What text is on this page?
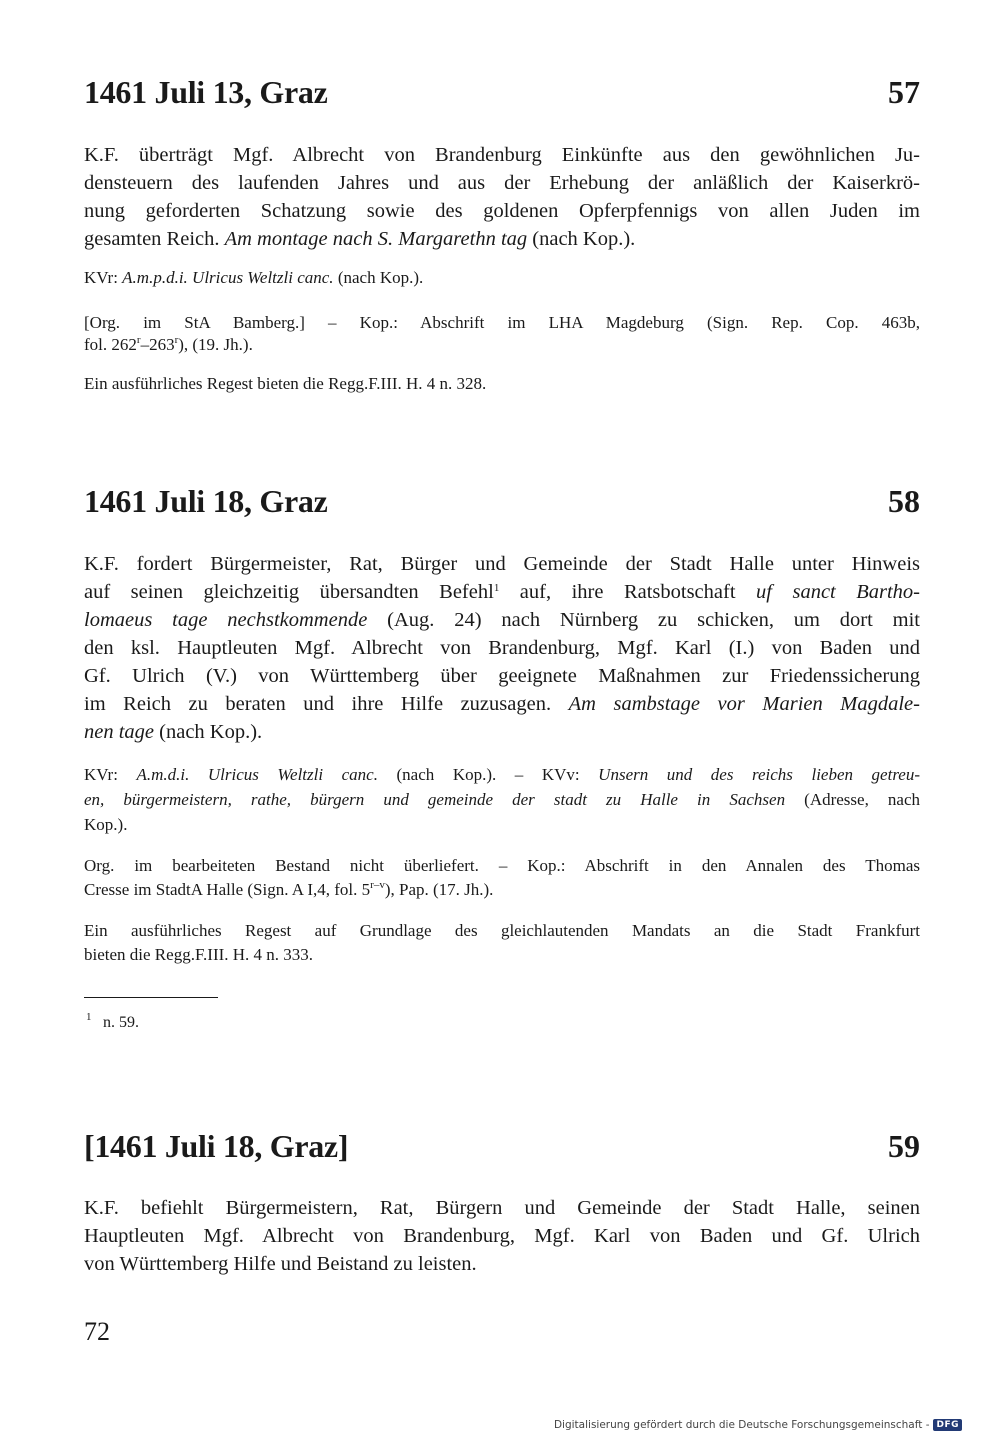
1461 Juli 13, Graz	57
K.F. überträgt Mgf. Albrecht von Brandenburg Einkünfte aus den gewöhnlichen Ju-
densteuern des laufenden Jahres und aus der Erhebung der anläßlich der Kaiserkrö-
nung geforderten Schatzung sowie des goldenen Opferpfennigs von allen Juden im
gesamten Reich. Am montage nach S. Margarethn tag (nach Kop.).
KVr: A.m.p.d.i. Ulricus Weltzli canc. (nach Kop.).
[Org. im StA Bamberg.] – Kop.: Abschrift im LHA Magdeburg (Sign. Rep. Cop. 463b,
fol. 262$^r$–263$^r$), (19. Jh.).
Ein ausführliches Regest bieten die Regg.F.III. H. 4 n. 328.
1461 Juli 18, Graz	58
K.F. fordert Bürgermeister, Rat, Bürger und Gemeinde der Stadt Halle unter Hinweis
auf seinen gleichzeitig übersandten Befehl$^1$ auf, ihre Ratsbotschaft uf sanct Bartho-
lomaeus tage nechstkommende (Aug. 24) nach Nürnberg zu schicken, um dort mit
den ksl. Hauptleuten Mgf. Albrecht von Brandenburg, Mgf. Karl (I.) von Baden und
Gf. Ulrich (V.) von Württemberg über geeignete Maßnahmen zur Friedenssicherung
im Reich zu beraten und ihre Hilfe zuzusagen. Am sambstage vor Marien Magdale-
nen tage (nach Kop.).
KVr: A.m.d.i. Ulricus Weltzli canc. (nach Kop.). – KVv: Unsern und des reichs lieben getreu-
en, bürgermeistern, rathe, bürgern und gemeinde der stadt zu Halle in Sachsen (Adresse, nach
Kop.).
Org. im bearbeiteten Bestand nicht überliefert. – Kop.: Abschrift in den Annalen des Thomas
Cresse im StadtA Halle (Sign. A I,4, fol. 5$^{r-v}$), Pap. (17. Jh.).
Ein ausführliches Regest auf Grundlage des gleichlautenden Mandats an die Stadt Frankfurt
bieten die Regg.F.III. H. 4 n. 333.
1 n. 59.
[1461 Juli 18, Graz]	59
K.F. befiehlt Bürgermeistern, Rat, Bürgern und Gemeinde der Stadt Halle, seinen
Hauptleuten Mgf. Albrecht von Brandenburg, Mgf. Karl von Baden und Gf. Ulrich
von Württemberg Hilfe und Beistand zu leisten.
72
Digitalisierung gefördert durch die Deutsche Forschungsgemeinschaft - DFG
